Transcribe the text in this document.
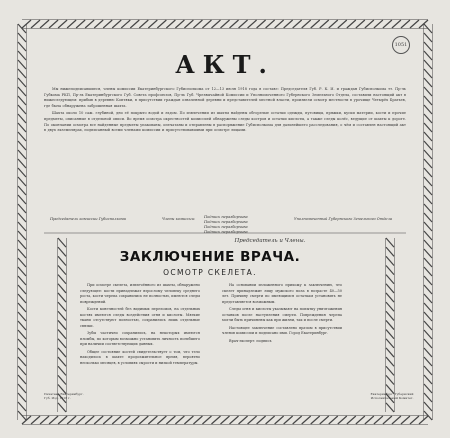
1051
АКТ.

Мы нижеподписавшиеся, члены комиссии Екатеринбургского Губисполкома от 12—13 июля 1918 года в составе: Председателя Губ. Р. К. И. и граждан Губисполкома тт. Пр-ль Губкома РКП, Пр-ль Екатеринбургского Губ. Совета профсоюзов, Пр-ль Губ. Чрезвычайной Комиссии и Уполномоченного Губернского Земельного Отдела, составили настоящий акт в нижеследующем: прибыв в деревню Коптяки, в присутствии граждан означенной деревни и представителей местной власти, произвели осмотр местности в урочище Четырёх Братьев, где была обнаружена заброшенная шахта.

Шахта около 10 саж. глубиной, дно её покрыто водой и льдом. По извлечении из шахты найдены обгорелые остатки одежды, пуговицы, пряжки, куски материи, кости и прочие предметы, описанные в отдельной описи. Во время осмотра окрестностей комиссией обнаружены следы костров и остатки кислоты, а также следы колёс, ведущие от шахты к дороге. По окончании осмотра все найденные предметы упакованы, опечатаны и отправлены в распоряжение Губисполкома для дальнейшего расследования, о чём и составлен настоящий акт в двух экземплярах, подписанный всеми членами комиссии и присутствовавшими при осмотре лицами.

Председатель комиссии Губисполкома	Члены комиссии: Подпись неразборчива
Подпись неразборчива
Подпись неразборчива
Подпись неразборчива
Уполномоченный Губернского Земельного Отдела
Председатель и Члены.
ЗАКЛЮЧЕНИЕ ВРАЧА.
ОСМОТР СКЕЛЕТА.

При осмотре скелета, извлечённого из шахты, обнаружено следующее: кости принадлежат взрослому человеку среднего роста, кости черепа сохранились не полностью, имеются следы повреждений.

Кости конечностей без видимых переломов, на отдельных костях имеются следы воздействия огня и кислоты. Мягкие ткани отсутствуют полностью, сохранились лишь отдельные связки.

Зубы частично сохранились, на некоторых имеются пломбы, по которым возможно установить личность погибшего при наличии соответствующих данных.

Общее состояние костей свидетельствует о том, что тело находилось в шахте продолжительное время, вероятно несколько месяцев, в условиях сырости и низкой температуры.

На основании изложенного прихожу к заключению, что скелет принадлежит лицу мужского пола в возрасте 40—50 лет. Причину смерти по имеющимся остаткам установить не представляется возможным.

Следы огня и кислоты указывают на попытку уничтожения останков после наступления смерти. Повреждения черепа могли быть причинены как при жизни, так и после смерти.

Настоящее заключение составлено врачом в присутствии членов комиссии и подписано ими. Город Екатеринбург.

Врач-эксперт: подпись

Печатано Екатеринбург. Губ. Изд. 1918 г.
Екатеринбург. Губернский Исполнительный Комитет.
